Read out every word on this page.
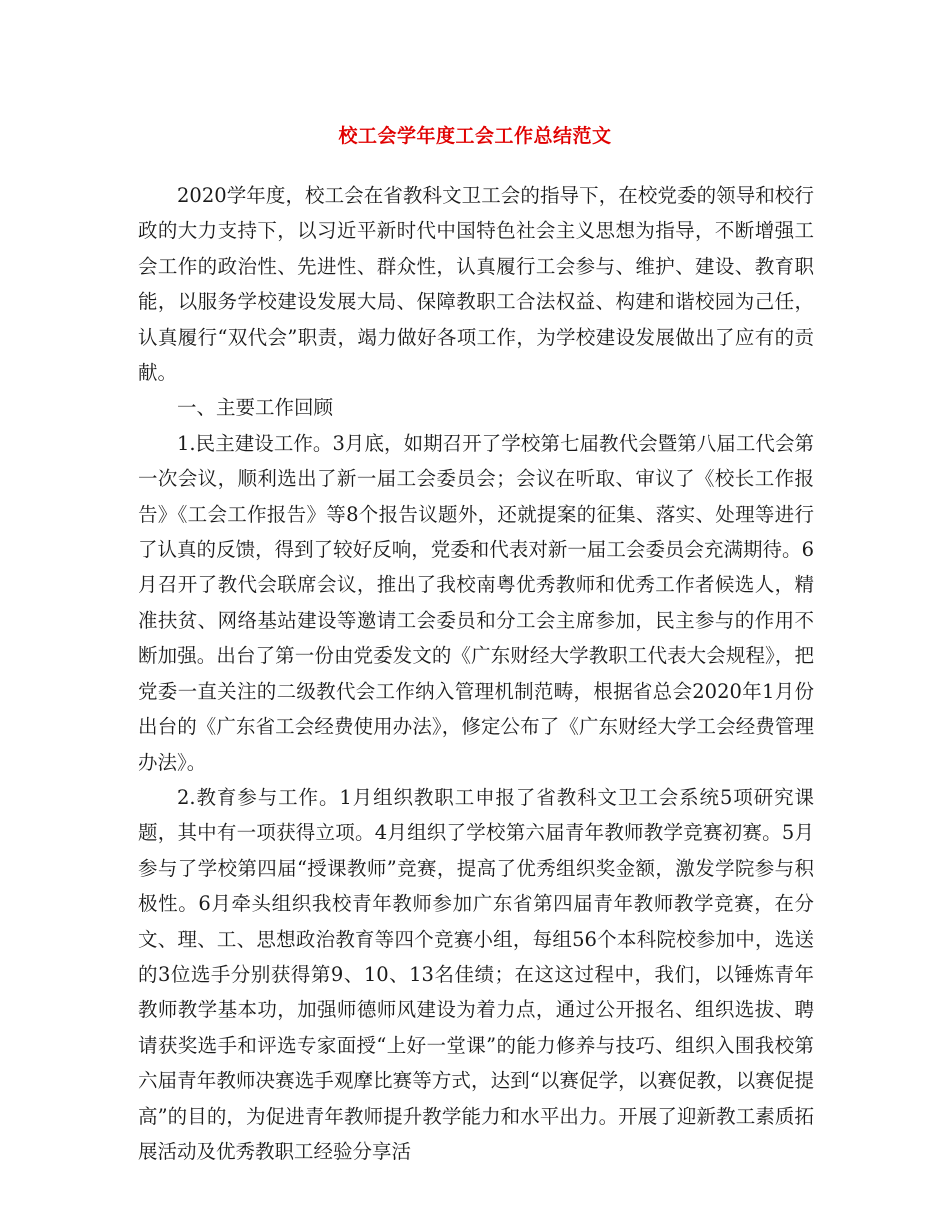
校工会学年度工会工作总结范文

2020学年度，校工会在省教科文卫工会的指导下，在校党委的领导和校行政的大力支持下，以习近平新时代中国特色社会主义思想为指导，不断增强工会工作的政治性、先进性、群众性，认真履行工会参与、维护、建设、教育职能，以服务学校建设发展大局、保障教职工合法权益、构建和谐校园为己任，认真履行“双代会”职责，竭力做好各项工作，为学校建设发展做出了应有的贡献。

一、主要工作回顾

1.民主建设工作。3月底，如期召开了学校第七届教代会暨第八届工代会第一次会议，顺利选出了新一届工会委员会；会议在听取、审议了《校长工作报告》《工会工作报告》等8个报告议题外，还就提案的征集、落实、处理等进行了认真的反馈，得到了较好反响，党委和代表对新一届工会委员会充满期待。6月召开了教代会联席会议，推出了我校南粤优秀教师和优秀工作者候选人，精准扶贫、网络基站建设等邀请工会委员和分工会主席参加，民主参与的作用不断加强。出台了第一份由党委发文的《广东财经大学教职工代表大会规程》，把党委一直关注的二级教代会工作纳入管理机制范畴，根据省总会2020年1月份出台的《广东省工会经费使用办法》，修定公布了《广东财经大学工会经费管理办法》。

2.教育参与工作。1月组织教职工申报了省教科文卫工会系统5项研究课题，其中有一项获得立项。4月组织了学校第六届青年教师教学竞赛初赛。5月参与了学校第四届“授课教师”竞赛，提高了优秀组织奖金额，激发学院参与积极性。6月牵头组织我校青年教师参加广东省第四届青年教师教学竞赛，在分文、理、工、思想政治教育等四个竞赛小组，每组56个本科院校参加中，选送的3位选手分别获得第9、10、13名佳绩；在这这过程中，我们，以锤炼青年教师教学基本功，加强师德师风建设为着力点，通过公开报名、组织选拔、聘请获奖选手和评选专家面授“上好一堂课”的能力修养与技巧、组织入围我校第六届青年教师决赛选手观摩比赛等方式，达到“以赛促学，以赛促教，以赛促提高”的目的，为促进青年教师提升教学能力和水平出力。开展了迎新教工素质拓展活动及优秀教职工经验分享活
